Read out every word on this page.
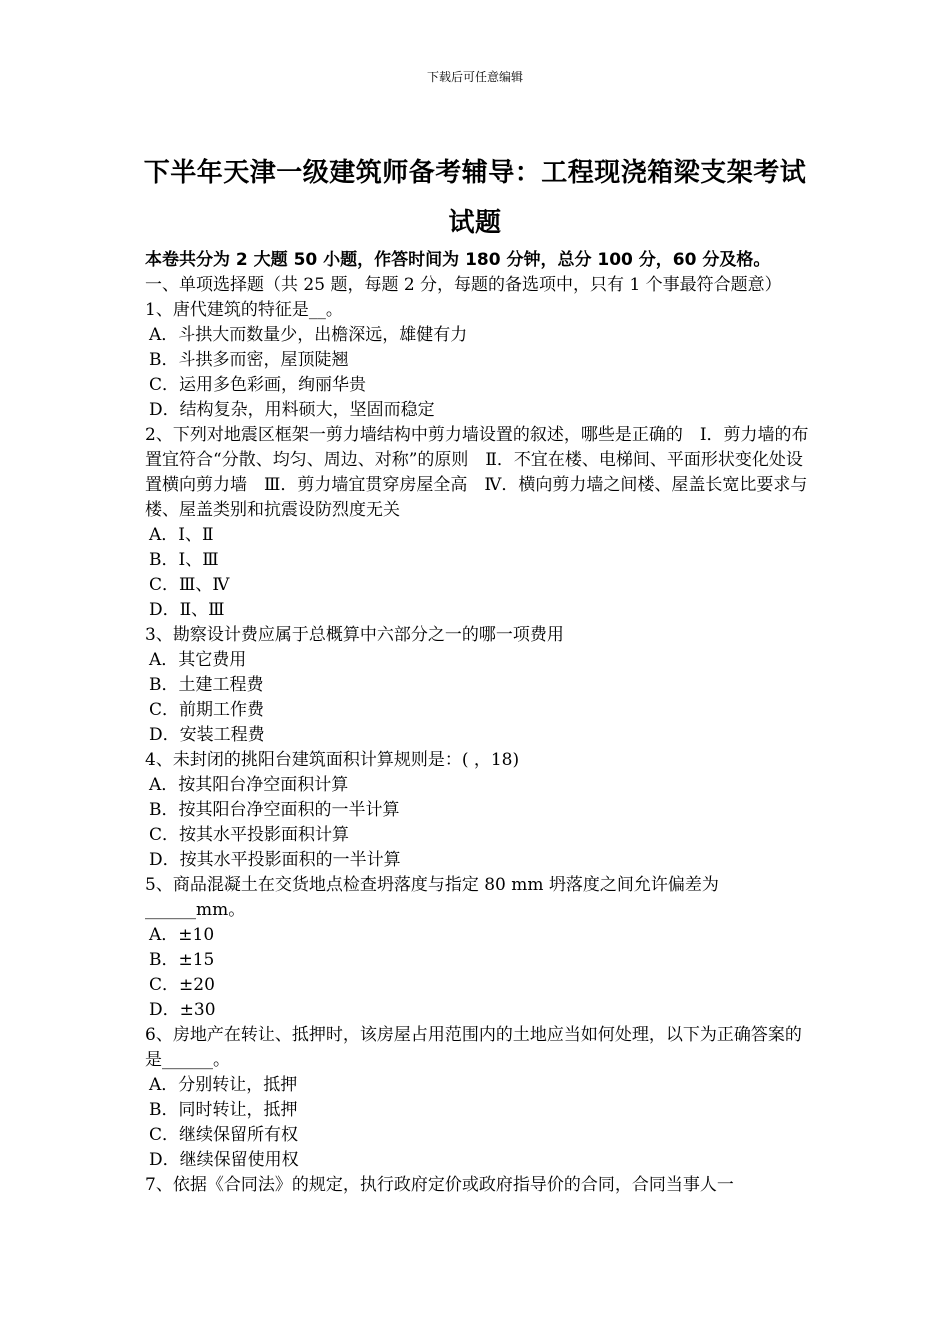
下载后可任意编辑
下半年天津一级建筑师备考辅导：工程现浇箱梁支架考试
试题
本卷共分为 2 大题 50 小题，作答时间为 180 分钟，总分 100 分，60 分及格。
一、单项选择题（共 25 题，每题 2 分，每题的备选项中，只有 1 个事最符合题意）
1、唐代建筑的特征是__。
A．斗拱大而数量少，出檐深远，雄健有力
B．斗拱多而密，屋顶陡翘
C．运用多色彩画，绚丽华贵
D．结构复杂，用料硕大，坚固而稳定
2、下列对地震区框架一剪力墙结构中剪力墙设置的叙述，哪些是正确的　Ⅰ．剪力墙的布置宜符合“分散、均匀、周边、对称”的原则　Ⅱ．不宜在楼、电梯间、平面形状变化处设置横向剪力墙　Ⅲ．剪力墙宜贯穿房屋全高　Ⅳ．横向剪力墙之间楼、屋盖长宽比要求与楼、屋盖类别和抗震设防烈度无关
A．Ⅰ、Ⅱ
B．Ⅰ、Ⅲ
C．Ⅲ、Ⅳ
D．Ⅱ、Ⅲ
3、勘察设计费应属于总概算中六部分之一的哪一项费用
A．其它费用
B．土建工程费
C．前期工作费
D．安装工程费
4、未封闭的挑阳台建筑面积计算规则是：( ，18)
A．按其阳台净空面积计算
B．按其阳台净空面积的一半计算
C．按其水平投影面积计算
D．按其水平投影面积的一半计算
5、商品混凝土在交货地点检查坍落度与指定 80 mm 坍落度之间允许偏差为______mm。
A．±10
B．±15
C．±20
D．±30
6、房地产在转让、抵押时，该房屋占用范围内的土地应当如何处理，以下为正确答案的是______。
A．分别转让，抵押
B．同时转让，抵押
C．继续保留所有权
D．继续保留使用权
7、依据《合同法》的规定，执行政府定价或政府指导价的合同，合同当事人一
